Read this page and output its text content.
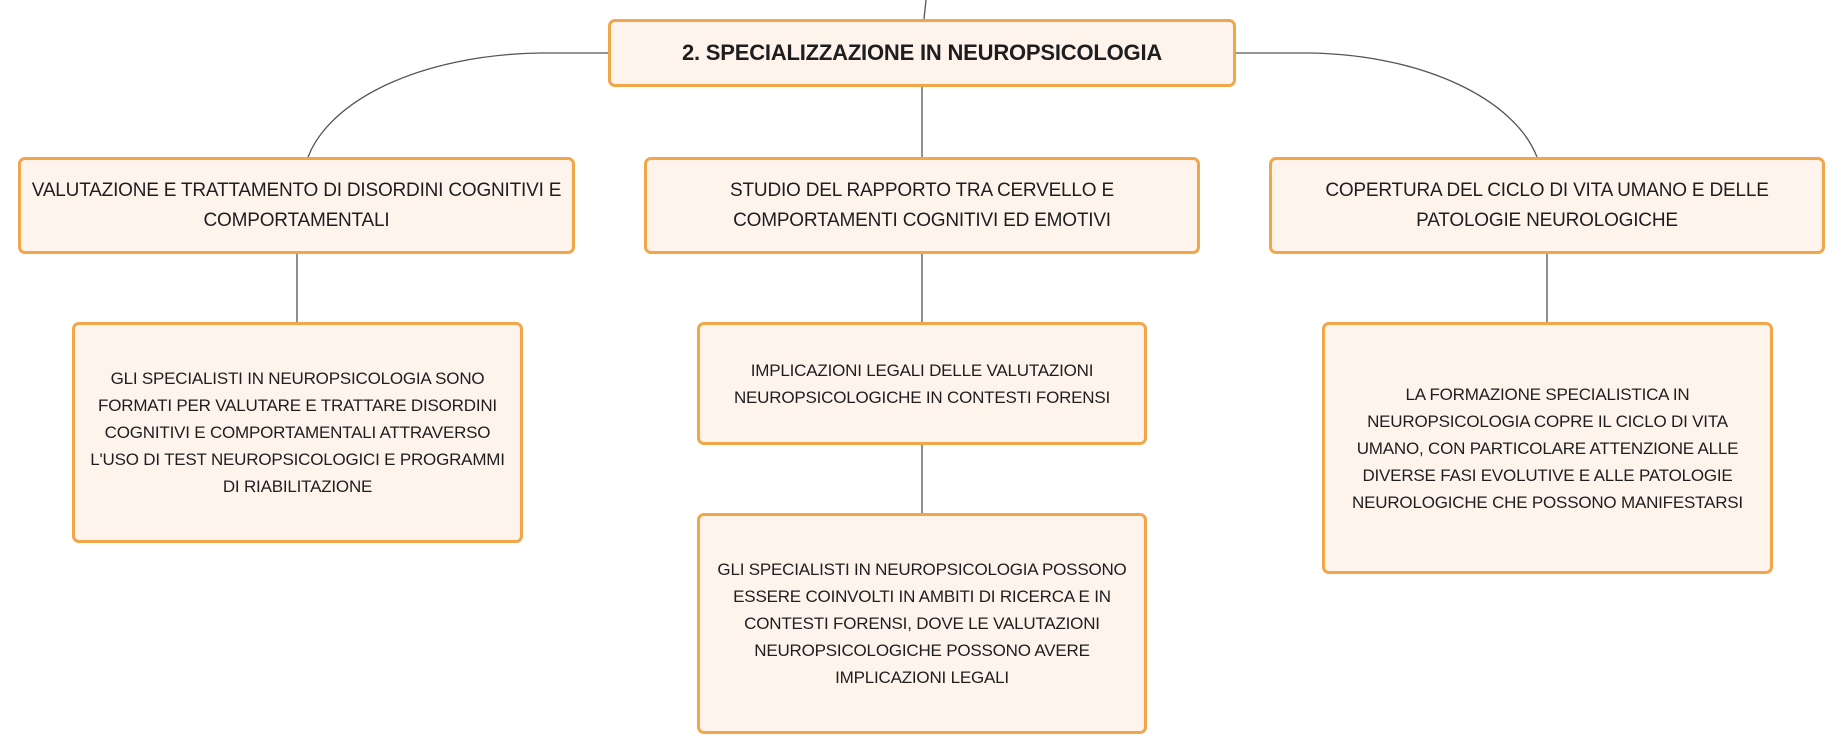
2. SPECIALIZZAZIONE IN NEUROPSICOLOGIA
VALUTAZIONE E TRATTAMENTO DI DISORDINI COGNITIVI E COMPORTAMENTALI
STUDIO DEL RAPPORTO TRA CERVELLO E COMPORTAMENTI COGNITIVI ED EMOTIVI
COPERTURA DEL CICLO DI VITA UMANO E DELLE PATOLOGIE NEUROLOGICHE
GLI SPECIALISTI IN NEUROPSICOLOGIA SONO FORMATI PER VALUTARE E TRATTARE DISORDINI COGNITIVI E COMPORTAMENTALI ATTRAVERSO L'USO DI TEST NEUROPSICOLOGICI E PROGRAMMI DI RIABILITAZIONE
IMPLICAZIONI LEGALI DELLE VALUTAZIONI NEUROPSICOLOGICHE IN CONTESTI FORENSI
GLI SPECIALISTI IN NEUROPSICOLOGIA POSSONO ESSERE COINVOLTI IN AMBITI DI RICERCA E IN CONTESTI FORENSI, DOVE LE VALUTAZIONI NEUROPSICOLOGICHE POSSONO AVERE IMPLICAZIONI LEGALI
LA FORMAZIONE SPECIALISTICA IN NEUROPSICOLOGIA COPRE IL CICLO DI VITA UMANO, CON PARTICOLARE ATTENZIONE ALLE DIVERSE FASI EVOLUTIVE E ALLE PATOLOGIE NEUROLOGICHE CHE POSSONO MANIFESTARSI
